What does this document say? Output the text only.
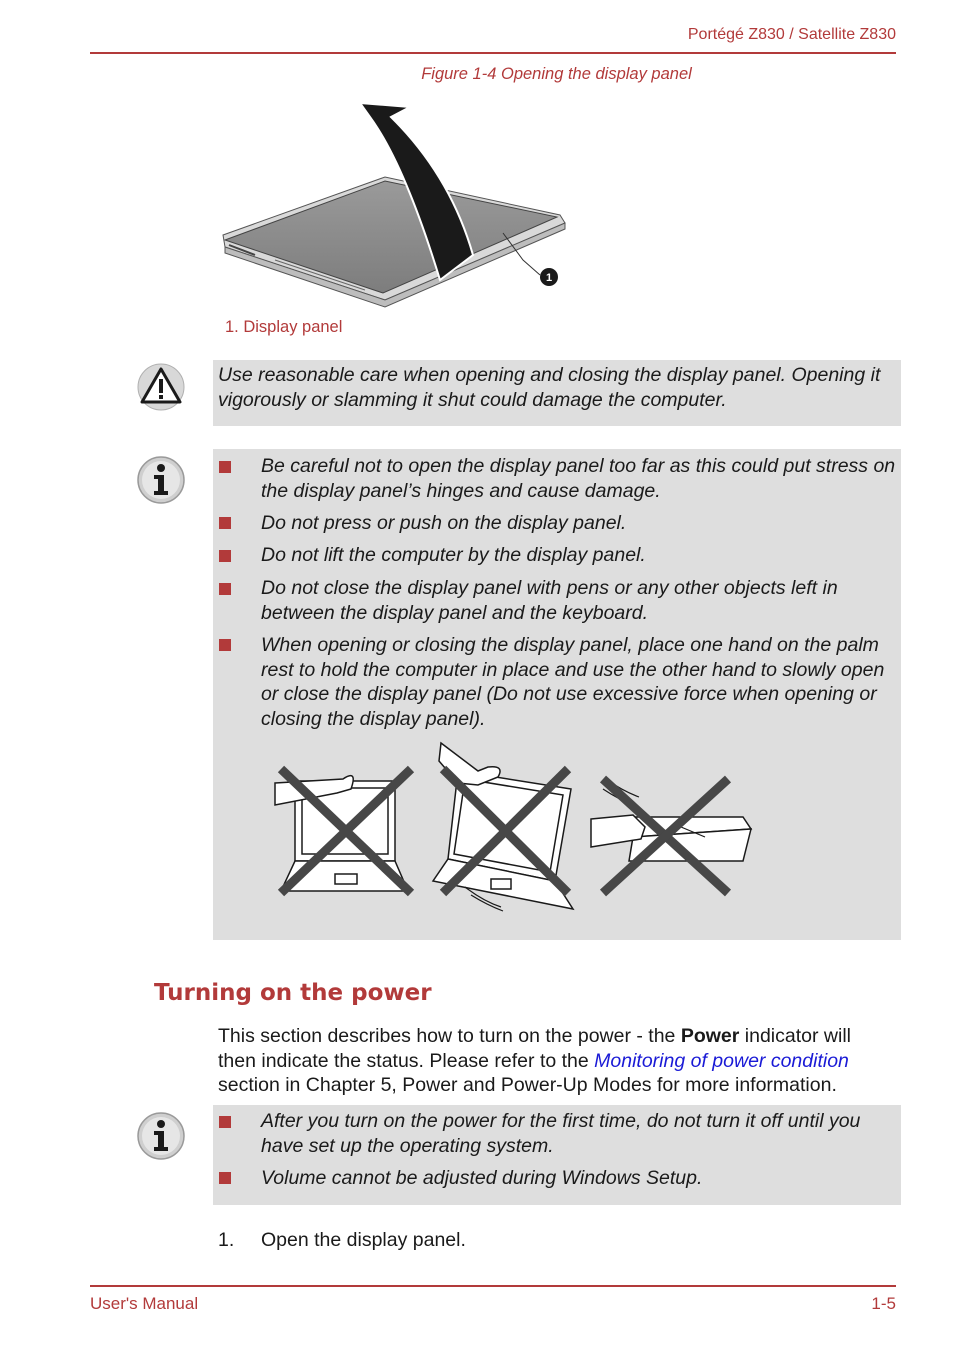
Portégé Z830 / Satellite Z830
Figure 1-4 Opening the display panel
1
1. Display panel

Use reasonable care when opening and closing the display panel. Opening it vigorously or slamming it shut could damage the computer.

Be careful not to open the display panel too far as this could put stress on the display panel’s hinges and cause damage.

Do not press or push on the display panel.

Do not lift the computer by the display panel.

Do not close the display panel with pens or any other objects left in between the display panel and the keyboard.

When opening or closing the display panel, place one hand on the palm rest to hold the computer in place and use the other hand to slowly open or close the display panel (Do not use excessive force when opening or closing the display panel).

Turning on the power

This section describes how to turn on the power - the Power indicator will then indicate the status. Please refer to the Monitoring of power condition section in Chapter 5, Power and Power-Up Modes for more information.

After you turn on the power for the first time, do not turn it off until you have set up the operating system.

Volume cannot be adjusted during Windows Setup.

1. Open the display panel.
User's Manual	1-5
